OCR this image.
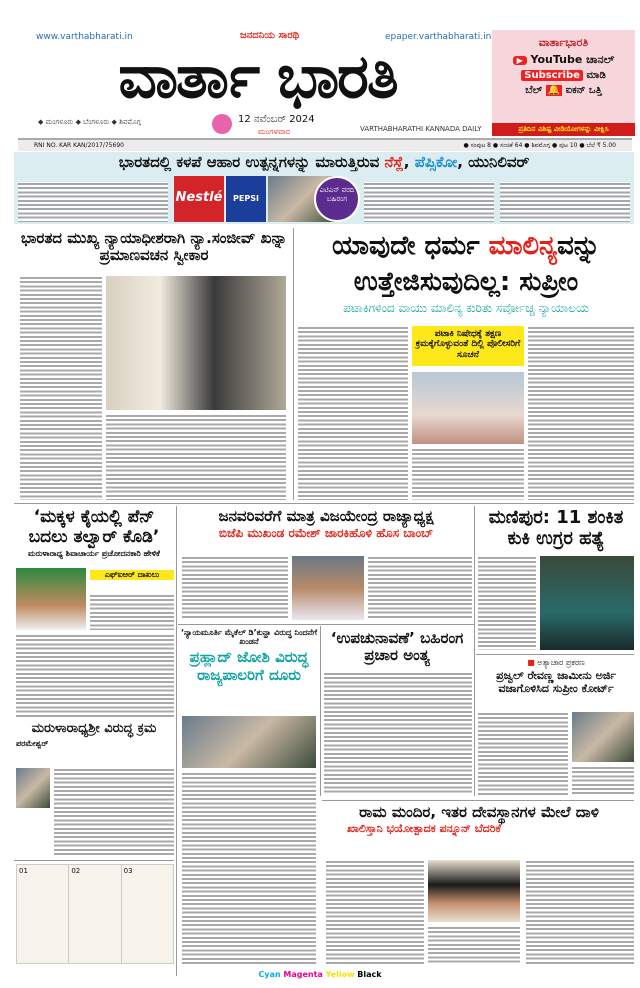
www.varthabharati.in	ಜನದನಿಯ ಸಾರಥಿ	epaper.varthabharati.in
ವಾರ್ತಾ ಭಾರತಿ
◆ ಮಂಗಳೂರು ◆ ಬೆಂಗಳೂರು ◆ ಶಿವಮೊಗ್ಗ	12 ನವೆಂಬರ್ 2024
ಮಂಗಳವಾರ	VARTHABHARATHI KANNADA DAILY
ವಾರ್ತಾಭಾರತಿ
▶ YouTube ಚಾನಲ್
Subscribe ಮಾಡಿ
ಬೆಲ್ 🔔 ಐಕನ್ ಒತ್ತಿ
ಪ್ರತಿದಿನ ವಿಶಿಷ್ಟ ವೀಡಿಯೋಗಳನ್ನು ವೀಕ್ಷಿಸಿ
RNI NO. KAR KAN/2017/75690	● ಸಂಪುಟ 8 ● ಸಂಚಿಕೆ 64 ● ಶಿವಮೊಗ್ಗ ● ಪುಟ 10 ● ಬೆಲೆ ₹ 5.00
ಭಾರತದಲ್ಲಿ ಕಳಪೆ ಆಹಾರ ಉತ್ಪನ್ನಗಳನ್ನು ಮಾರುತ್ತಿರುವ ನೆಸ್ಲೆ, ಪೆಪ್ಸಿಕೋ, ಯುನಿಲಿವರ್
Nestlé	PEPSI
ಎಟಿಎನ್ ವರದಿ ಬಹಿರಂಗ
ಭಾರತದ ಮುಖ್ಯ ನ್ಯಾಯಾಧೀಶರಾಗಿ ನ್ಯಾ.ಸಂಜೀವ್ ಖನ್ನಾ ಪ್ರಮಾಣವಚನ ಸ್ವೀಕಾರ	ಯಾವುದೇ ಧರ್ಮ ಮಾಲಿನ್ಯವನ್ನು ಉತ್ತೇಜಿಸುವುದಿಲ್ಲ: ಸುಪ್ರೀಂ
ಪಟಾಕಿಗಳಿಂದ ವಾಯು ಮಾಲಿನ್ಯ ಕುರಿತು ಸರ್ವೋಚ್ಚ ನ್ಯಾಯಾಲಯ
ಪಟಾಕಿ ನಿಷೇಧಕ್ಕೆ ತಕ್ಷಣ ಕ್ರಮಕ್ಕೆಗೊಳ್ಳುವಂತೆ ದಿಲ್ಲಿ ಪೊಲೀಸರಿಗೆ ಸೂಚನೆ
‘ಮಕ್ಕಳ ಕೈಯಲ್ಲಿ ಪೆನ್ ಬದಲು ತಲ್ವಾರ್ ಕೊಡಿ’
ಮರುಳಾರಾಧ್ಯ ಶಿವಾಚಾರ್ಯ ಪ್ರಚೋದನಕಾರಿ ಹೇಳಿಕೆ
ಎಫ್‌ಐಆರ್ ದಾಖಲು
ಮರುಳಾರಾಧ್ಯಶ್ರೀ ವಿರುದ್ಧ ಕ್ರಮ
ಪರಮೇಶ್ವರ್
01	02	03
ಜನವರಿವರೆಗೆ ಮಾತ್ರ ವಿಜಯೇಂದ್ರ ರಾಜ್ಯಾಧ್ಯಕ್ಷ
ಬಿಜೆಪಿ ಮುಖಂಡ ರಮೇಶ್ ಜಾರಕಿಹೊಳಿ ಹೊಸ ಬಾಂಬ್
‘ನ್ಯಾಯಮೂರ್ತಿ ಮೈಕೆಲ್ ಡಿ’ಕುನ್ಹಾ ವಿರುದ್ಧ ನಿಂದನೆಗೆ ಖಂಡನೆ
ಪ್ರಹ್ಲಾದ್ ಜೋಶಿ ವಿರುದ್ಧ ರಾಜ್ಯಪಾಲರಿಗೆ ದೂರು
‘ಉಪಚುನಾವಣೆ’ ಬಹಿರಂಗ ಪ್ರಚಾರ ಅಂತ್ಯ
ಮಣಿಪುರ: 11 ಶಂಕಿತ ಕುಕಿ ಉಗ್ರರ ಹತ್ಯೆ
■ ಅತ್ಯಾಚಾರ ಪ್ರಕರಣ
ಪ್ರಜ್ವಲ್ ರೇವಣ್ಣ ಜಾಮೀನು ಅರ್ಜಿ ವಜಾಗೊಳಿಸಿದ ಸುಪ್ರೀಂ ಕೋರ್ಟ್
ರಾಮ ಮಂದಿರ, ಇತರ ದೇವಸ್ಥಾನಗಳ ಮೇಲೆ ದಾಳಿ
ಖಾಲಿಸ್ತಾನಿ ಭಯೋತ್ಪಾದಕ ಪನ್ನೂನ್ ಬೆದರಿಕೆ
Cyan Magenta Yellow Black
